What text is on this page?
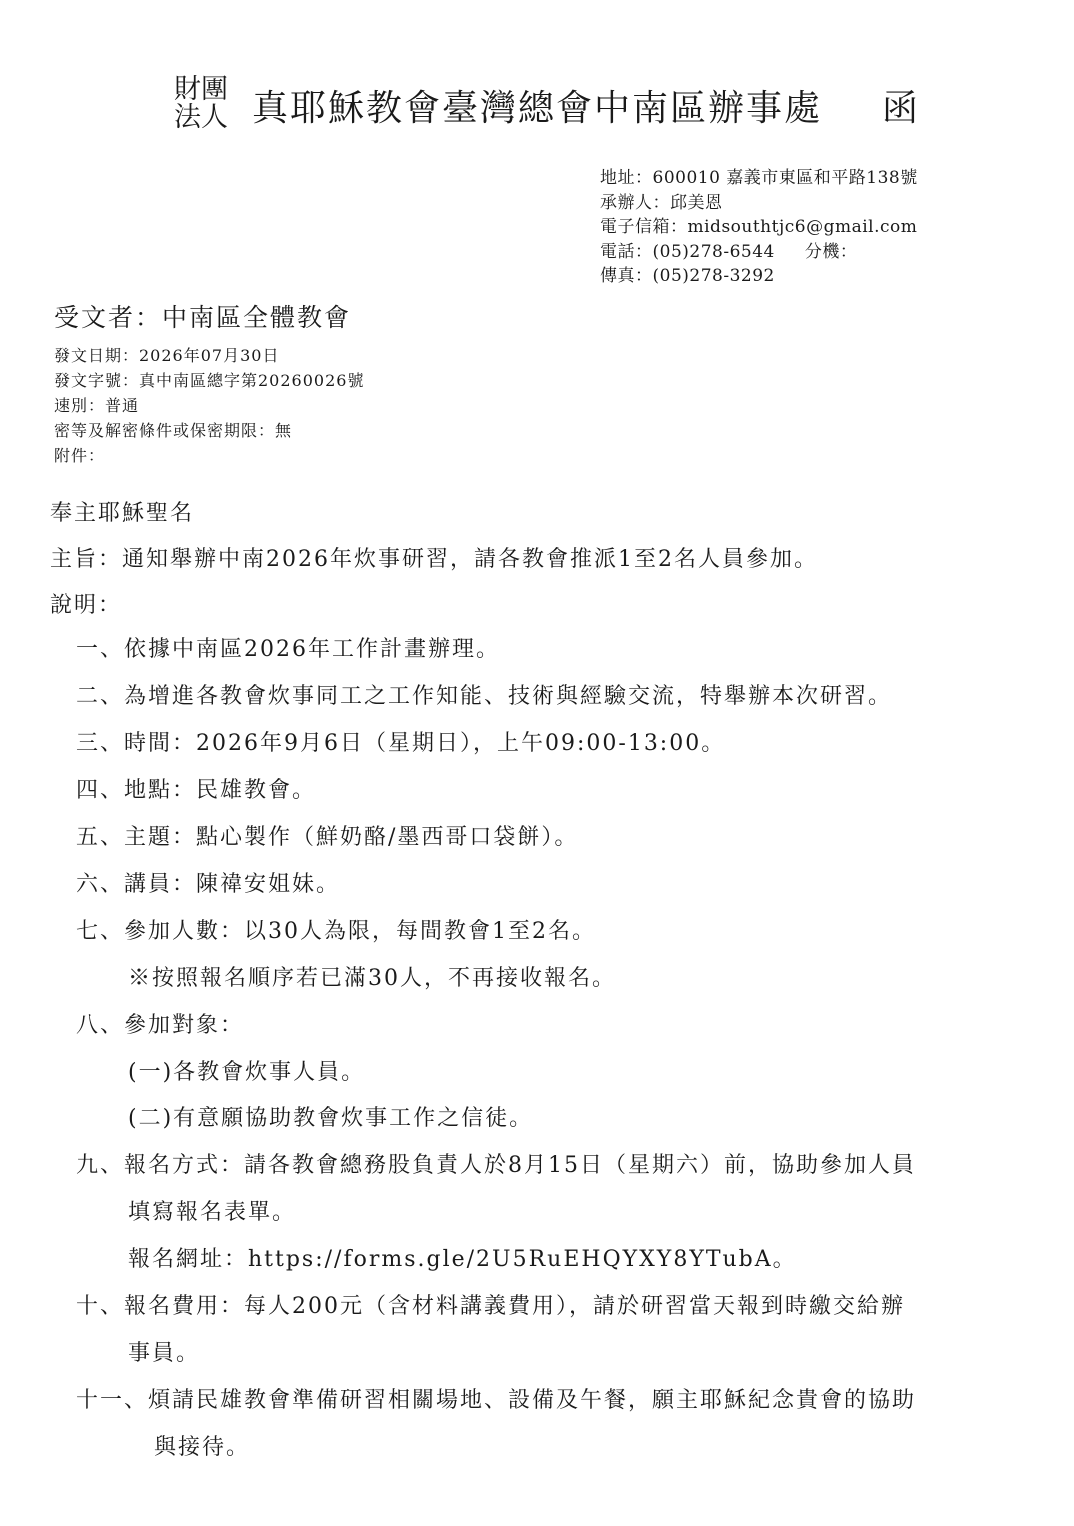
財團
法人 真耶穌教會臺灣總會中南區辦事處 函
地址：600010 嘉義市東區和平路138號
承辦人：邱美恩
電子信箱：midsouthtjc6@gmail.com
電話：(05)278-6544 分機：
傳真：(05)278-3292
受文者：中南區全體教會
發文日期：2026年07月30日
發文字號：真中南區總字第20260026號
速別：普通
密等及解密條件或保密期限：無
附件：
奉主耶穌聖名
主旨：通知舉辦中南2026年炊事研習，請各教會推派1至2名人員參加。
說明：
一、依據中南區2026年工作計畫辦理。
二、為增進各教會炊事同工之工作知能、技術與經驗交流，特舉辦本次研習。
三、時間：2026年9月6日（星期日），上午09:00-13:00。
四、地點：民雄教會。
五、主題：點心製作（鮮奶酪/墨西哥口袋餅）。
六、講員：陳禕安姐妹。
七、參加人數：以30人為限，每間教會1至2名。
※按照報名順序若已滿30人，不再接收報名。
八、參加對象：
(一)各教會炊事人員。
(二)有意願協助教會炊事工作之信徒。
九、報名方式：請各教會總務股負責人於8月15日（星期六）前，協助參加人員
填寫報名表單。
報名網址：https://forms.gle/2U5RuEHQYXY8YTubA。
十、報名費用：每人200元（含材料講義費用），請於研習當天報到時繳交給辦
事員。
十一、煩請民雄教會準備研習相關場地、設備及午餐，願主耶穌紀念貴會的協助
與接待。
